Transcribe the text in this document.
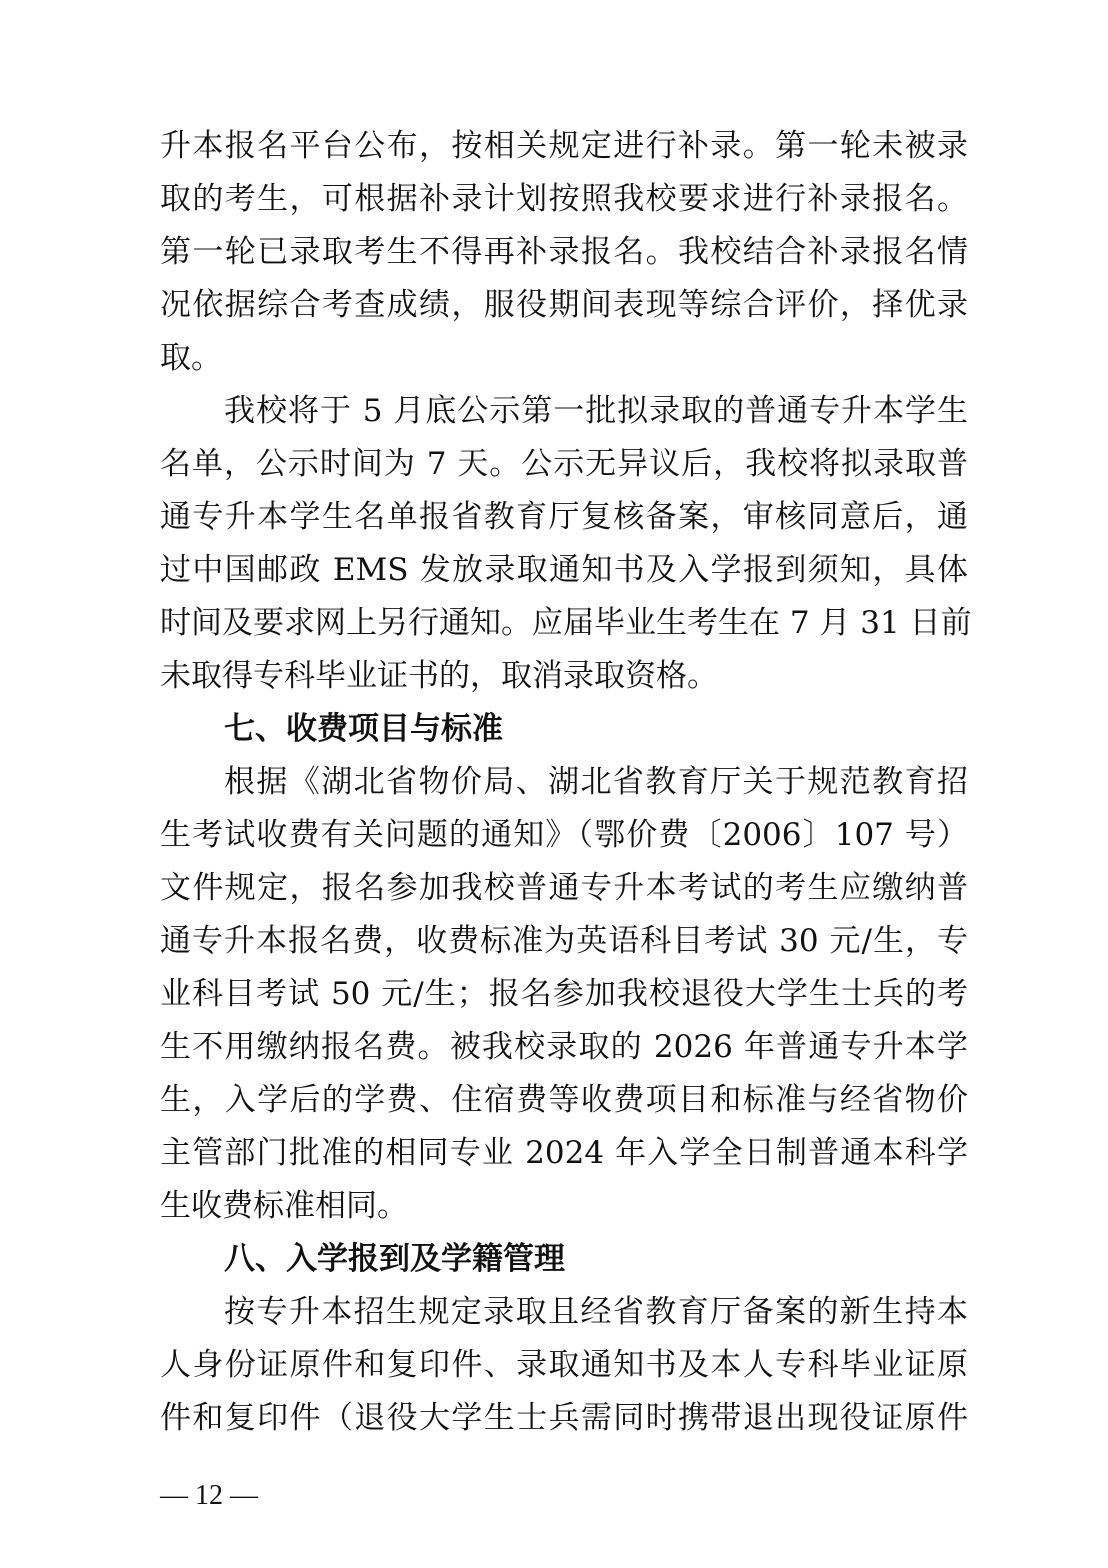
升本报名平台公布，按相关规定进行补录。第一轮未被录
取的考生，可根据补录计划按照我校要求进行补录报名。
第一轮已录取考生不得再补录报名。我校结合补录报名情
况依据综合考查成绩，服役期间表现等综合评价，择优录
取。
我校将于 5 月底公示第一批拟录取的普通专升本学生
名单，公示时间为 7 天。公示无异议后，我校将拟录取普
通专升本学生名单报省教育厅复核备案，审核同意后，通
过中国邮政 EMS 发放录取通知书及入学报到须知，具体
时间及要求网上另行通知。应届毕业生考生在 7 月 31 日前
未取得专科毕业证书的，取消录取资格。
七、收费项目与标准
根据《湖北省物价局、湖北省教育厅关于规范教育招
生考试收费有关问题的通知》（鄂价费〔2006〕107 号）
文件规定，报名参加我校普通专升本考试的考生应缴纳普
通专升本报名费，收费标准为英语科目考试 30 元/生，专
业科目考试 50 元/生；报名参加我校退役大学生士兵的考
生不用缴纳报名费。被我校录取的 2026 年普通专升本学
生，入学后的学费、住宿费等收费项目和标准与经省物价
主管部门批准的相同专业 2024 年入学全日制普通本科学
生收费标准相同。
八、入学报到及学籍管理
按专升本招生规定录取且经省教育厅备案的新生持本
人身份证原件和复印件、录取通知书及本人专科毕业证原
件和复印件（退役大学生士兵需同时携带退出现役证原件
— 12 —
